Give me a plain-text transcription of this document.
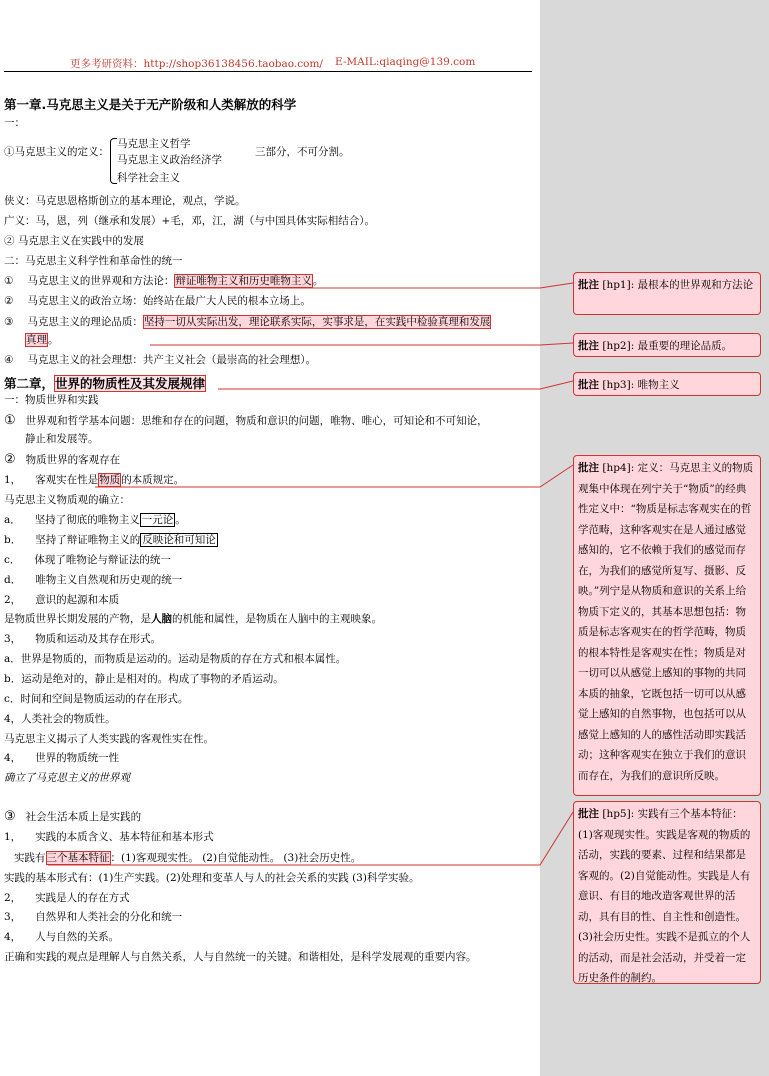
更多考研资料：http://shop36138456.taobao.com/ E-MAIL:qiaqing@139.com
第一章.马克思主义是关于无产阶级和人类解放的科学
一：
①马克思主义的定义：
马克思主义哲学
马克思主义政治经济学
科学社会主义
三部分，不可分割。
侠义：马克思恩格斯创立的基本理论，观点，学说。
广义：马，恩，列（继承和发展）+毛，邓，江，湖（与中国具体实际相结合）。
② 马克思主义在实践中的发展
二：马克思主义科学性和革命性的统一
① 马克思主义的世界观和方法论：辩证唯物主义和历史唯物主义。
② 马克思主义的政治立场：始终站在最广大人民的根本立场上。
③ 马克思主义的理论品质：坚持一切从实际出发，理论联系实际，实事求是，在实践中检验真理和发展
真理。
④ 马克思主义的社会理想：共产主义社会（最崇高的社会理想）。
第二章，世界的物质性及其发展规律
一：物质世界和实践
① 世界观和哲学基本问题：思维和存在的问题，物质和意识的问题，唯物、唯心，可知论和不可知论，
静止和发展等。
② 物质世界的客观存在
1， 客观实在性是物质的本质规定。
马克思主义物质观的确立：
a． 坚持了彻底的唯物主义 一元论 。
b． 坚持了辩证唯物主义的 反映论和可知论
c． 体现了唯物论与辩证法的统一
d． 唯物主义自然观和历史观的统一
2， 意识的起源和本质
是物质世界长期发展的产物，是人脑的机能和属性，是物质在人脑中的主观映象。
3， 物质和运动及其存在形式。
a．世界是物质的，而物质是运动的。运动是物质的存在方式和根本属性。
b．运动是绝对的，静止是相对的。构成了事物的矛盾运动。
c．时间和空间是物质运动的存在形式。
4，人类社会的物质性。
马克思主义揭示了人类实践的客观性实在性。
4， 世界的物质统一性
确立了马克思主义的世界观
③ 社会生活本质上是实践的
1， 实践的本质含义、基本特征和基本形式
实践有三个基本特征：(1)客观现实性。 (2)自觉能动性。 (3)社会历史性。
实践的基本形式有：(1)生产实践。(2)处理和变革人与人的社会关系的实践 (3)科学实验。
2， 实践是人的存在方式
3， 自然界和人类社会的分化和统一
4， 人与自然的关系。
正确和实践的观点是理解人与自然关系，人与自然统一的关键。和谐相处，是科学发展观的重要内容。
批注 [hp1]: 最根本的世界观和方法论
批注 [hp2]: 最重要的理论品质。
批注 [hp3]: 唯物主义
批注 [hp4]: 定义：马克思主义的物质观集中体现在列宁关于“物质”的经典性定义中：“物质是标志客观实在的哲学范畴，这种客观实在是人通过感觉感知的，它不依赖于我们的感觉而存在，为我们的感觉所复写、摄影、反映。”列宁是从物质和意识的关系上给物质下定义的，其基本思想包括：物质是标志客观实在的哲学范畴，物质的根本特性是客观实在性；物质是对一切可以从感觉上感知的事物的共同本质的抽象，它既包括一切可以从感觉上感知的自然事物，也包括可以从感觉上感知的人的感性活动即实践活动；这种客观实在独立于我们的意识而存在，为我们的意识所反映。
批注 [hp5]: 实践有三个基本特征：(1)客观现实性。实践是客观的物质的活动，实践的要素、过程和结果都是客观的。(2)自觉能动性。实践是人有意识、有目的地改造客观世界的活动，具有目的性、自主性和创造性。(3)社会历史性。实践不是孤立的个人的活动，而是社会活动，并受着一定历史条件的制约。
